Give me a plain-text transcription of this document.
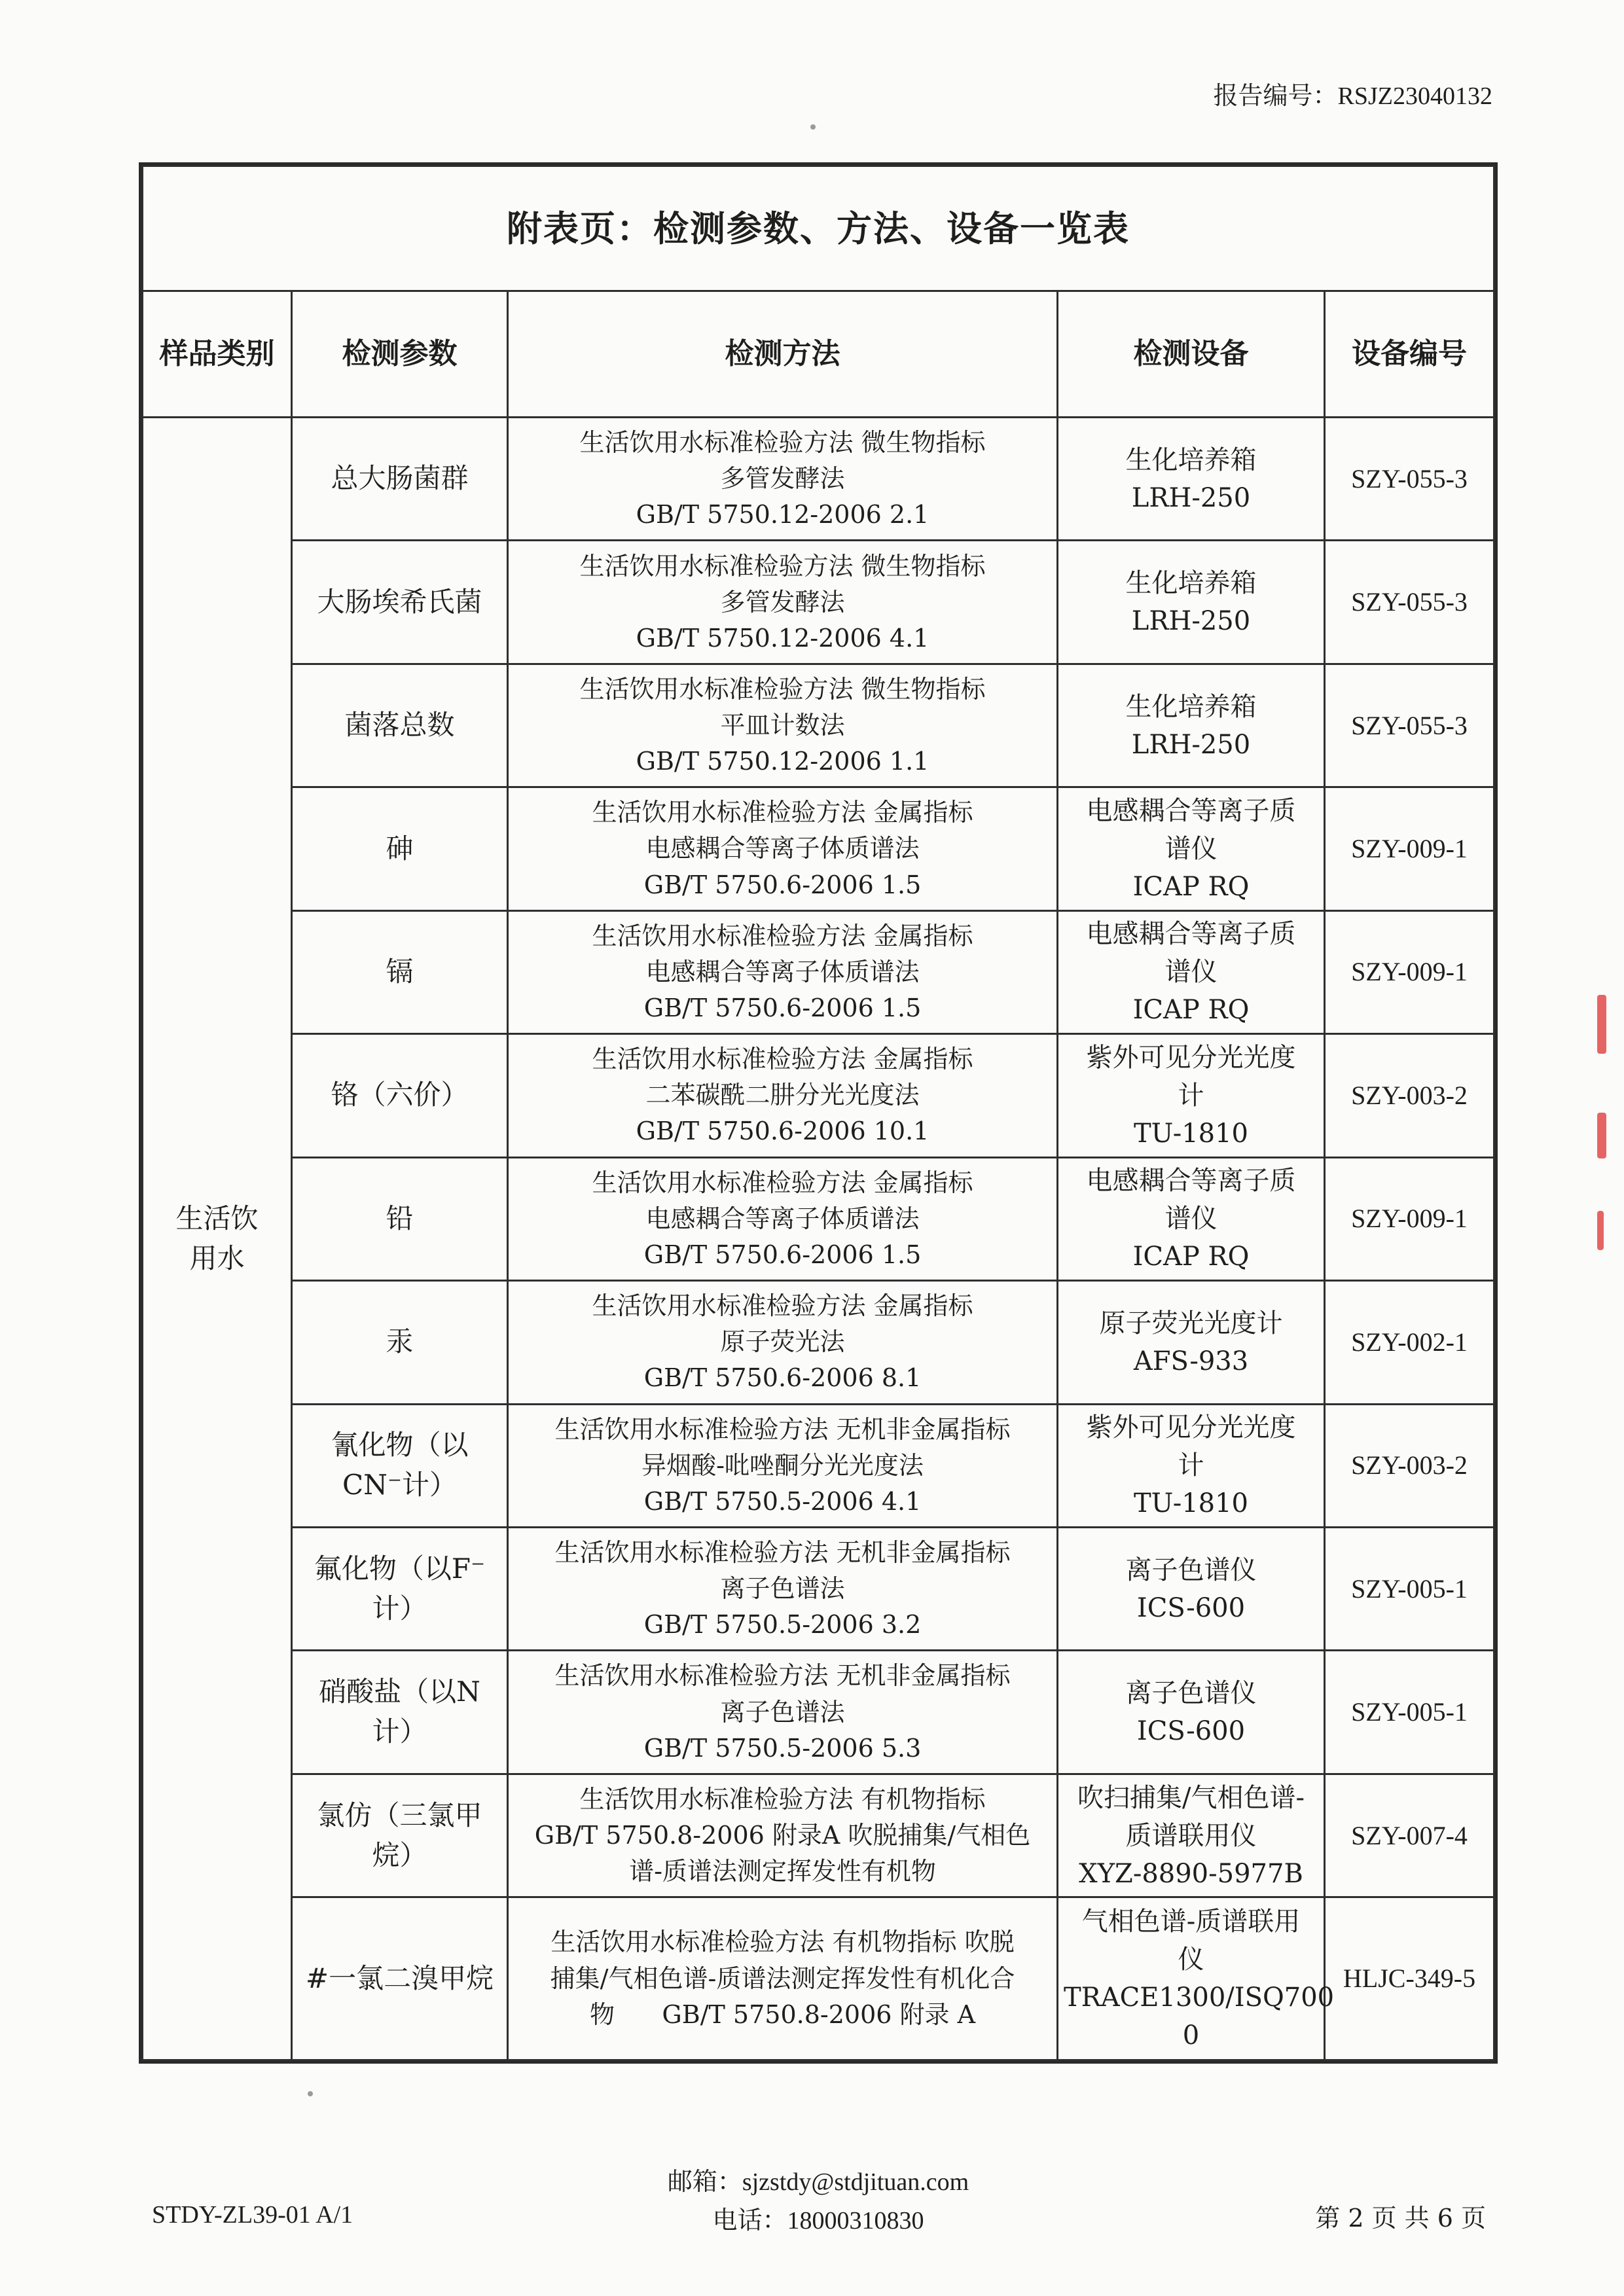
报告编号：RSJZ23040132
附表页：检测参数、方法、设备一览表				
样品类别	检测参数	检测方法	检测设备	设备编号
生活饮用水	总大肠菌群	生活饮用水标准检验方法 微生物指标
多管发酵法
GB/T 5750.12-2006 2.1	生化培养箱
LRH-250	SZY-055-3
	大肠埃希氏菌	生活饮用水标准检验方法 微生物指标
多管发酵法
GB/T 5750.12-2006 4.1	生化培养箱
LRH-250	SZY-055-3
	菌落总数	生活饮用水标准检验方法 微生物指标
平皿计数法
GB/T 5750.12-2006 1.1	生化培养箱
LRH-250	SZY-055-3
	砷	生活饮用水标准检验方法 金属指标
电感耦合等离子体质谱法
GB/T 5750.6-2006 1.5	电感耦合等离子质
谱仪
ICAP RQ	SZY-009-1
	镉	生活饮用水标准检验方法 金属指标
电感耦合等离子体质谱法
GB/T 5750.6-2006 1.5	电感耦合等离子质
谱仪
ICAP RQ	SZY-009-1
	铬（六价）	生活饮用水标准检验方法 金属指标
二苯碳酰二肼分光光度法
GB/T 5750.6-2006 10.1	紫外可见分光光度
计
TU-1810	SZY-003-2
	铅	生活饮用水标准检验方法 金属指标
电感耦合等离子体质谱法
GB/T 5750.6-2006 1.5	电感耦合等离子质
谱仪
ICAP RQ	SZY-009-1
	汞	生活饮用水标准检验方法 金属指标
原子荧光法
GB/T 5750.6-2006 8.1	原子荧光光度计
AFS-933	SZY-002-1
	氰化物（以CN⁻计）	生活饮用水标准检验方法 无机非金属指标
异烟酸-吡唑酮分光光度法
GB/T 5750.5-2006 4.1	紫外可见分光光度
计
TU-1810	SZY-003-2
	氟化物（以F⁻计）	生活饮用水标准检验方法 无机非金属指标
离子色谱法
GB/T 5750.5-2006 3.2	离子色谱仪
ICS-600	SZY-005-1
	硝酸盐（以N计）	生活饮用水标准检验方法 无机非金属指标
离子色谱法
GB/T 5750.5-2006 5.3	离子色谱仪
ICS-600	SZY-005-1
	氯仿（三氯甲烷）	生活饮用水标准检验方法 有机物指标
GB/T 5750.8-2006 附录A 吹脱捕集/气相色
谱-质谱法测定挥发性有机物	吹扫捕集/气相色谱-
质谱联用仪
XYZ-8890-5977B	SZY-007-4
	#一氯二溴甲烷	生活饮用水标准检验方法 有机物指标 吹脱
捕集/气相色谱-质谱法测定挥发性有机化合
物      GB/T 5750.8-2006 附录 A	气相色谱-质谱联用
仪
TRACE1300/ISQ700
0	HLJC-349-5
邮箱：sjzstdy@stdjituan.com
电话：18000310830
STDY-ZL39-01 A/1	第 2 页 共 6 页
